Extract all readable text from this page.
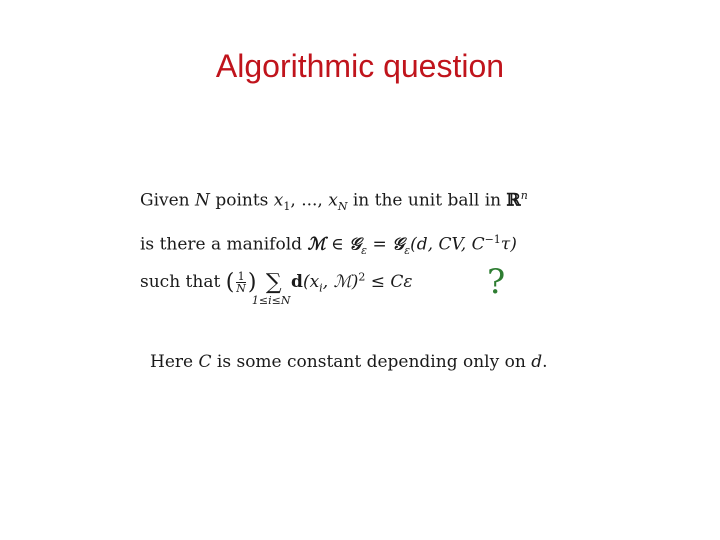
Algorithmic question
Given N points $x_1$, ..., $x_N$ in the unit ball in ℝ$^n$
is there a manifold ℳ ∈ 𝒢$_\varepsilon$ = 𝒢$_\varepsilon$(d, CV, $C^{-1}\tau$)
such that ( $\frac{1}{N}$ ) ∑
1≤i≤N
$d(x_i$, ℳ)$^2$ ≤ Cε ?
Here C is some constant depending only on d.
